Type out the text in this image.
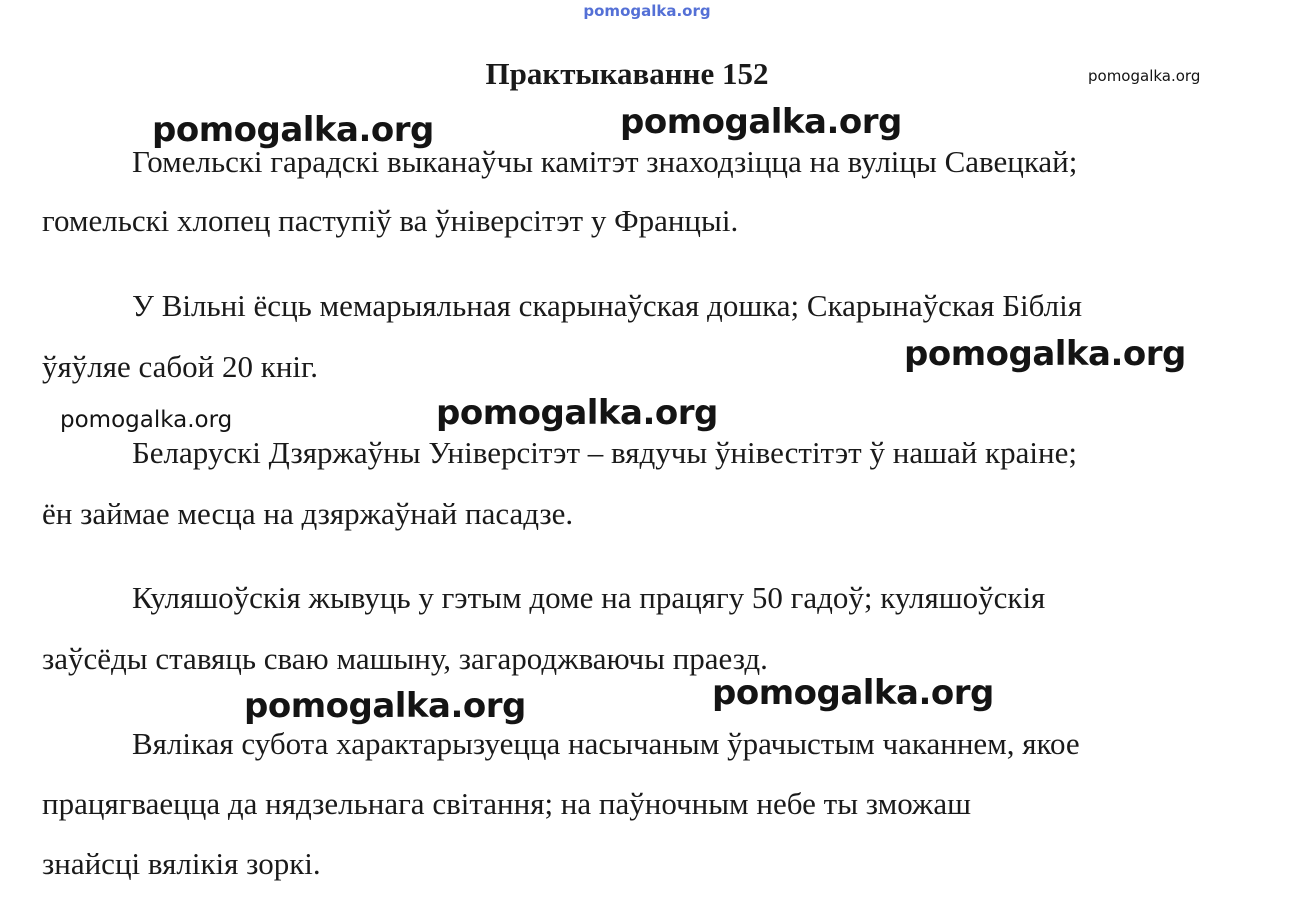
pomogalka.org
Практыкаванне 152	pomogalka.org
Гомельскі гарадскі выканаўчы камітэт знаходзіцца на вуліцы Савецкай;
гомельскі хлопец паступіў ва ўніверсітэт у Францыі.
У Вільні ёсць мемарыяльная скарынаўская дошка; Скарынаўская Біблія
ўяўляе сабой 20 кніг.
Беларускі Дзяржаўны Універсітэт – вядучы ўнівестітэт ў нашай краіне;
ён займае месца на дзяржаўнай пасадзе.
Куляшоўскія жывуць у гэтым доме на працягу 50 гадоў; куляшоўскія
заўсёды ставяць сваю машыну, загароджваючы праезд.
Вялікая субота характарызуецца насычаным ўрачыстым чаканнем, якое
працягваецца да нядзельнага світання; на паўночным небе ты зможаш
знайсці вялікія зоркі.
pomogalka.org	pomogalka.org
pomogalka.org
pomogalka.org	pomogalka.org
pomogalka.org	pomogalka.org
